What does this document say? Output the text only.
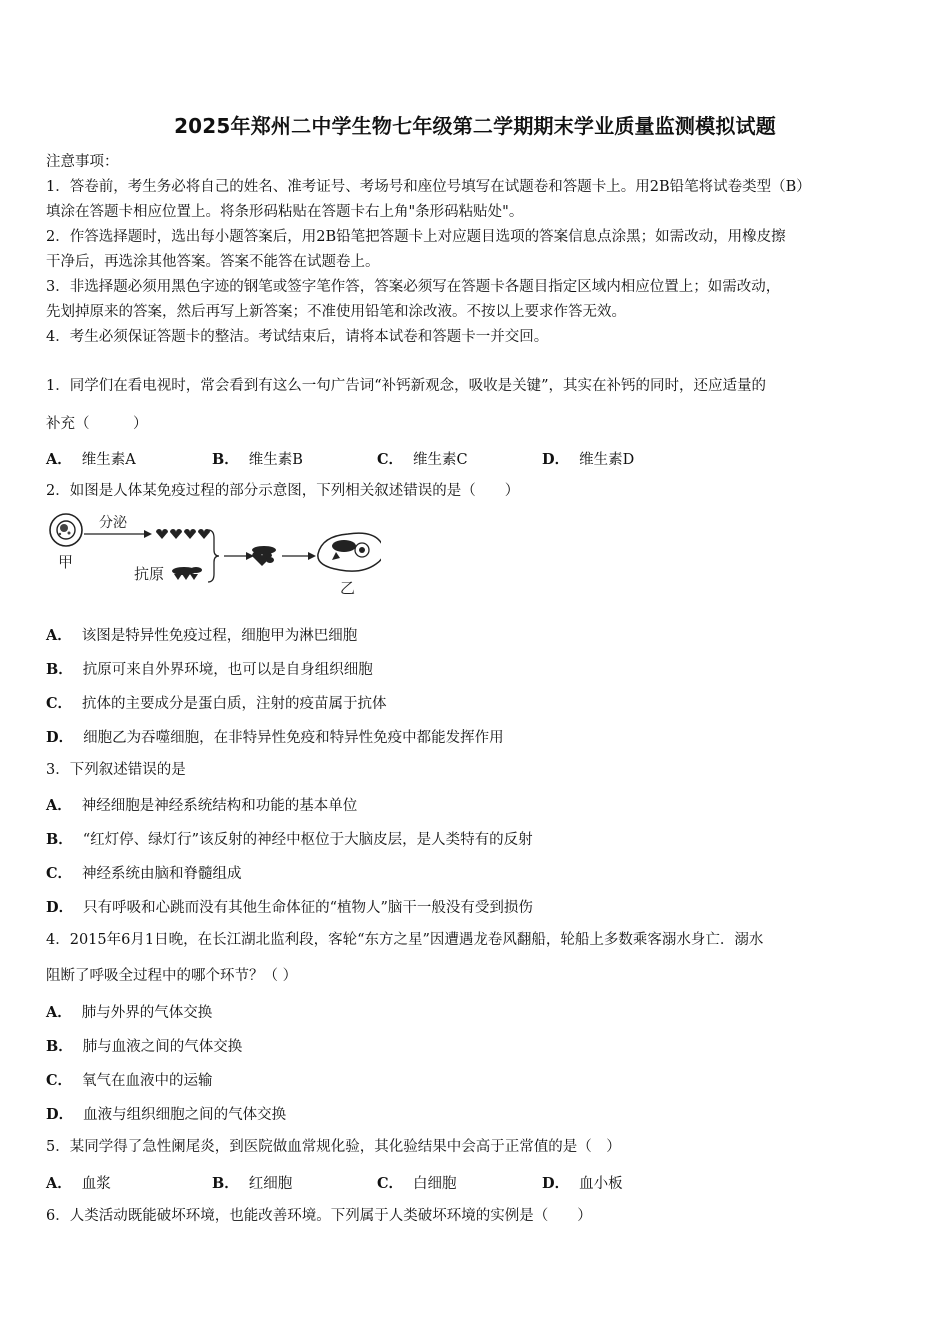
2025年郑州二中学生物七年级第二学期期末学业质量监测模拟试题
注意事项：
1．答卷前，考生务必将自己的姓名、准考证号、考场号和座位号填写在试题卷和答题卡上。用2B铅笔将试卷类型（B）
填涂在答题卡相应位置上。将条形码粘贴在答题卡右上角"条形码粘贴处"。
2．作答选择题时，选出每小题答案后，用2B铅笔把答题卡上对应题目选项的答案信息点涂黑；如需改动，用橡皮擦
干净后，再选涂其他答案。答案不能答在试题卷上。
3．非选择题必须用黑色字迹的钢笔或签字笔作答，答案必须写在答题卡各题目指定区域内相应位置上；如需改动，
先划掉原来的答案，然后再写上新答案；不准使用铅笔和涂改液。不按以上要求作答无效。
4．考生必须保证答题卡的整洁。考试结束后，请将本试卷和答题卡一并交回。
1．同学们在看电视时，常会看到有这么一句广告词“补钙新观念，吸收是关键”，其实在补钙的同时，还应适量的
补充（　　　）
A． 维生素A	B． 维生素B	C． 维生素C	D． 维生素D
2．如图是人体某免疫过程的部分示意图，下列相关叙述错误的是（　　）
甲
分泌
抗原
乙
A． 该图是特异性免疫过程，细胞甲为淋巴细胞
B． 抗原可来自外界环境，也可以是自身组织细胞
C． 抗体的主要成分是蛋白质，注射的疫苗属于抗体
D． 细胞乙为吞噬细胞，在非特异性免疫和特异性免疫中都能发挥作用
3．下列叙述错误的是
A． 神经细胞是神经系统结构和功能的基本单位
B． “红灯停、绿灯行”该反射的神经中枢位于大脑皮层，是人类特有的反射
C． 神经系统由脑和脊髓组成
D． 只有呼吸和心跳而没有其他生命体征的“植物人”脑干一般没有受到损伤
4．2015年6月1日晚，在长江湖北监利段，客轮“东方之星”因遭遇龙卷风翻船，轮船上多数乘客溺水身亡．溺水
阻断了呼吸全过程中的哪个环节？（ ）
A． 肺与外界的气体交换
B． 肺与血液之间的气体交换
C． 氧气在血液中的运输
D． 血液与组织细胞之间的气体交换
5．某同学得了急性阑尾炎，到医院做血常规化验，其化验结果中会高于正常值的是（　）
A． 血浆	B． 红细胞	C． 白细胞	D． 血小板
6．人类活动既能破坏环境，也能改善环境。下列属于人类破坏环境的实例是（　　）
